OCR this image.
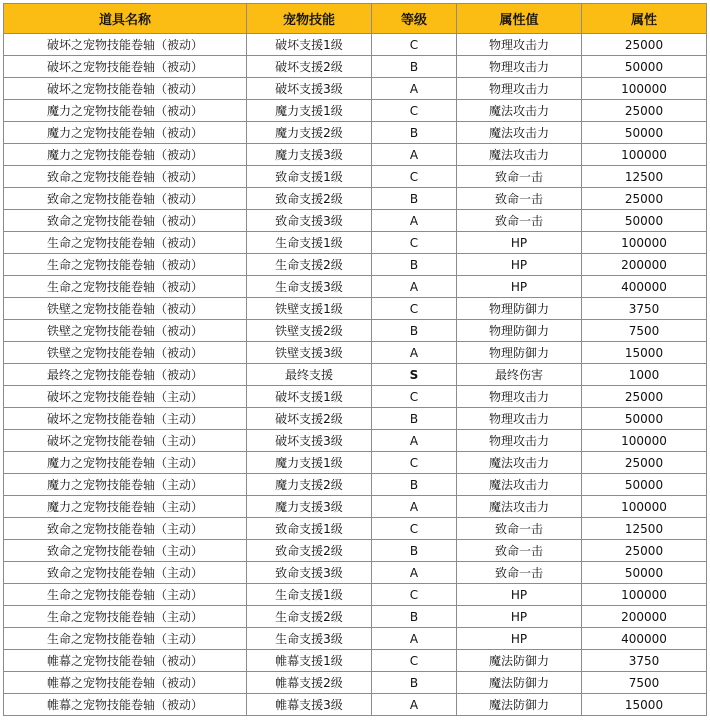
道具名称	宠物技能	等级	属性值	属性
破坏之宠物技能卷轴（被动）	破坏支援1级	C	物理攻击力	25000
破坏之宠物技能卷轴（被动）	破坏支援2级	B	物理攻击力	50000
破坏之宠物技能卷轴（被动）	破坏支援3级	A	物理攻击力	100000
魔力之宠物技能卷轴（被动）	魔力支援1级	C	魔法攻击力	25000
魔力之宠物技能卷轴（被动）	魔力支援2级	B	魔法攻击力	50000
魔力之宠物技能卷轴（被动）	魔力支援3级	A	魔法攻击力	100000
致命之宠物技能卷轴（被动）	致命支援1级	C	致命一击	12500
致命之宠物技能卷轴（被动）	致命支援2级	B	致命一击	25000
致命之宠物技能卷轴（被动）	致命支援3级	A	致命一击	50000
生命之宠物技能卷轴（被动）	生命支援1级	C	HP	100000
生命之宠物技能卷轴（被动）	生命支援2级	B	HP	200000
生命之宠物技能卷轴（被动）	生命支援3级	A	HP	400000
铁壁之宠物技能卷轴（被动）	铁壁支援1级	C	物理防御力	3750
铁壁之宠物技能卷轴（被动）	铁壁支援2级	B	物理防御力	7500
铁壁之宠物技能卷轴（被动）	铁壁支援3级	A	物理防御力	15000
最终之宠物技能卷轴（被动）	最终支援	S	最终伤害	1000
破坏之宠物技能卷轴（主动）	破坏支援1级	C	物理攻击力	25000
破坏之宠物技能卷轴（主动）	破坏支援2级	B	物理攻击力	50000
破坏之宠物技能卷轴（主动）	破坏支援3级	A	物理攻击力	100000
魔力之宠物技能卷轴（主动）	魔力支援1级	C	魔法攻击力	25000
魔力之宠物技能卷轴（主动）	魔力支援2级	B	魔法攻击力	50000
魔力之宠物技能卷轴（主动）	魔力支援3级	A	魔法攻击力	100000
致命之宠物技能卷轴（主动）	致命支援1级	C	致命一击	12500
致命之宠物技能卷轴（主动）	致命支援2级	B	致命一击	25000
致命之宠物技能卷轴（主动）	致命支援3级	A	致命一击	50000
生命之宠物技能卷轴（主动）	生命支援1级	C	HP	100000
生命之宠物技能卷轴（主动）	生命支援2级	B	HP	200000
生命之宠物技能卷轴（主动）	生命支援3级	A	HP	400000
帷幕之宠物技能卷轴（被动）	帷幕支援1级	C	魔法防御力	3750
帷幕之宠物技能卷轴（被动）	帷幕支援2级	B	魔法防御力	7500
帷幕之宠物技能卷轴（被动）	帷幕支援3级	A	魔法防御力	15000
